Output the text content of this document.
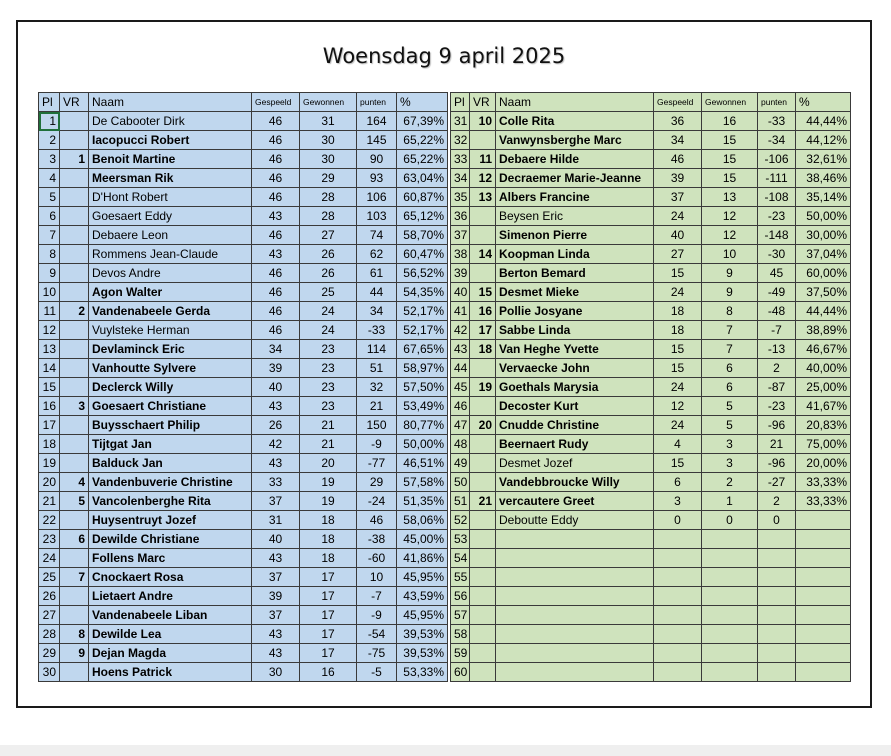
Woensdag 9 april 2025
Pl	VR	Naam	Gespeeld	Gewonnen	punten	%
1		De Cabooter Dirk	46	31	164	67,39%
2		Iacopucci Robert	46	30	145	65,22%
3	1	Benoit Martine	46	30	90	65,22%
4		Meersman Rik	46	29	93	63,04%
5		D'Hont Robert	46	28	106	60,87%
6		Goesaert Eddy	43	28	103	65,12%
7		Debaere Leon	46	27	74	58,70%
8		Rommens Jean-Claude	43	26	62	60,47%
9		Devos Andre	46	26	61	56,52%
10		Agon Walter	46	25	44	54,35%
11	2	Vandenabeele Gerda	46	24	34	52,17%
12		Vuylsteke Herman	46	24	-33	52,17%
13		Devlaminck Eric	34	23	114	67,65%
14		Vanhoutte Sylvere	39	23	51	58,97%
15		Declerck Willy	40	23	32	57,50%
16	3	Goesaert Christiane	43	23	21	53,49%
17		Buysschaert Philip	26	21	150	80,77%
18		Tijtgat Jan	42	21	-9	50,00%
19		Balduck Jan	43	20	-77	46,51%
20	4	Vandenbuverie Christine	33	19	29	57,58%
21	5	Vancolenberghe Rita	37	19	-24	51,35%
22		Huysentruyt Jozef	31	18	46	58,06%
23	6	Dewilde Christiane	40	18	-38	45,00%
24		Follens Marc	43	18	-60	41,86%
25	7	Cnockaert Rosa	37	17	10	45,95%
26		Lietaert Andre	39	17	-7	43,59%
27		Vandenabeele Liban	37	17	-9	45,95%
28	8	Dewilde Lea	43	17	-54	39,53%
29	9	Dejan Magda	43	17	-75	39,53%
30		Hoens Patrick	30	16	-5	53,33%
Pl	VR	Naam	Gespeeld	Gewonnen	punten	%
31	10	Colle Rita	36	16	-33	44,44%
32		Vanwynsberghe Marc	34	15	-34	44,12%
33	11	Debaere Hilde	46	15	-106	32,61%
34	12	Decraemer Marie-Jeanne	39	15	-111	38,46%
35	13	Albers Francine	37	13	-108	35,14%
36		Beysen Eric	24	12	-23	50,00%
37		Simenon Pierre	40	12	-148	30,00%
38	14	Koopman Linda	27	10	-30	37,04%
39		Berton Bemard	15	9	45	60,00%
40	15	Desmet Mieke	24	9	-49	37,50%
41	16	Pollie Josyane	18	8	-48	44,44%
42	17	Sabbe Linda	18	7	-7	38,89%
43	18	Van Heghe Yvette	15	7	-13	46,67%
44		Vervaecke John	15	6	2	40,00%
45	19	Goethals Marysia	24	6	-87	25,00%
46		Decoster Kurt	12	5	-23	41,67%
47	20	Cnudde Christine	24	5	-96	20,83%
48		Beernaert Rudy	4	3	21	75,00%
49		Desmet Jozef	15	3	-96	20,00%
50		Vandebbroucke Willy	6	2	-27	33,33%
51	21	vercautere Greet	3	1	2	33,33%
52		Deboutte Eddy	0	0	0	
53						
54						
55						
56						
57						
58						
59						
60						
